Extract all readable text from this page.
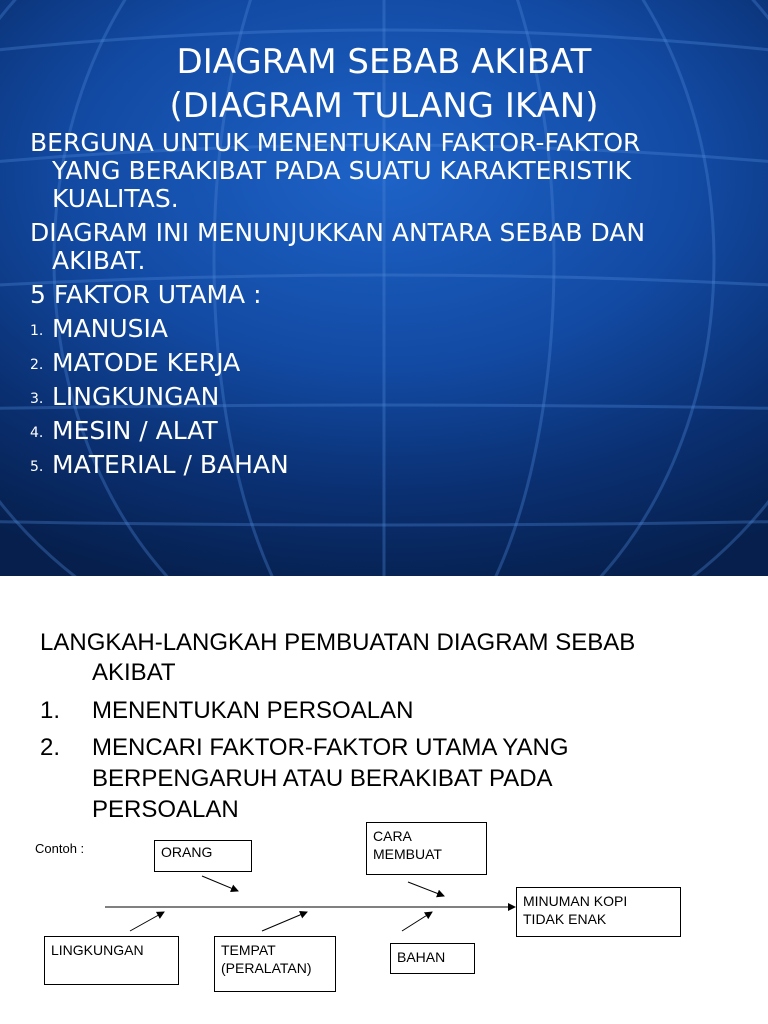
DIAGRAM SEBAB AKIBAT
(DIAGRAM TULANG IKAN)
BERGUNA UNTUK MENENTUKAN FAKTOR-FAKTOR
YANG BERAKIBAT PADA SUATU KARAKTERISTIK
KUALITAS.
DIAGRAM INI MENUNJUKKAN ANTARA SEBAB DAN
AKIBAT.
5 FAKTOR UTAMA :
1. MANUSIA
2. MATODE KERJA
3. LINGKUNGAN
4. MESIN / ALAT
5. MATERIAL / BAHAN
LANGKAH-LANGKAH PEMBUATAN DIAGRAM SEBAB
AKIBAT
1. MENENTUKAN PERSOALAN
2. MENCARI FAKTOR-FAKTOR UTAMA YANG
BERPENGARUH ATAU BERAKIBAT PADA
PERSOALAN
Contoh :	ORANG
CARA
MEMBUAT
MINUMAN KOPI
TIDAK ENAK
LINGKUNGAN	TEMPAT
(PERALATAN)
BAHAN
